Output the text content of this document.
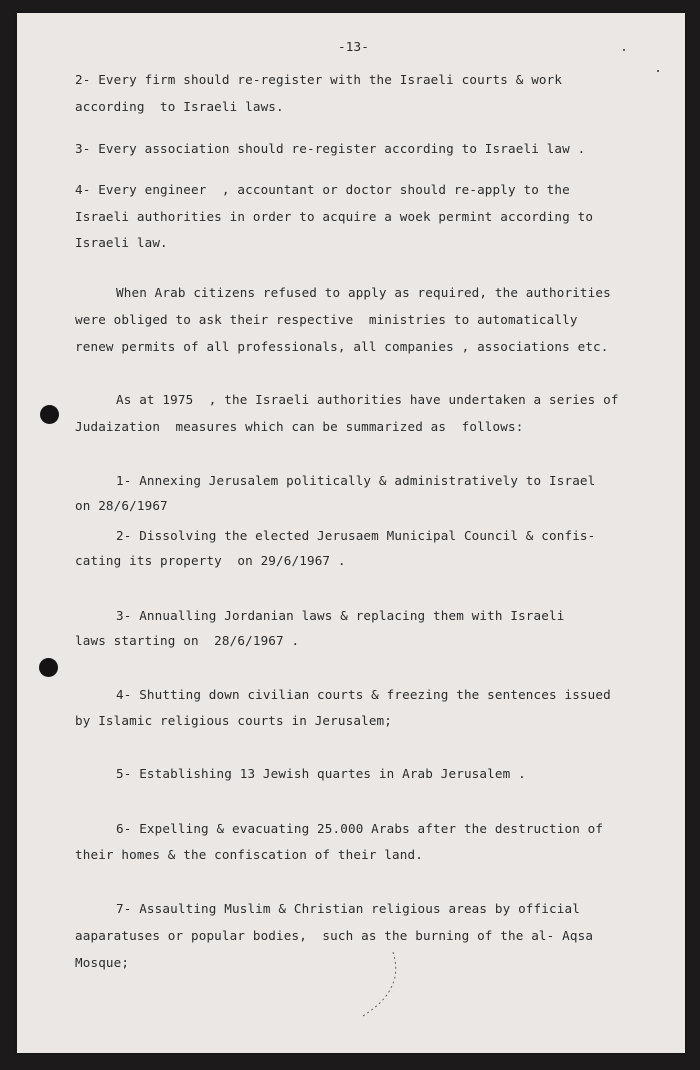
-13-
2- Every firm should re-register with the Israeli courts & work
according  to Israeli laws.
3- Every association should re-register according to Israeli law .
4- Every engineer  , accountant or doctor should re-apply to the
Israeli authorities in order to acquire a woek permint according to
Israeli law.
When Arab citizens refused to apply as required, the authorities
were obliged to ask their respective  ministries to automatically
renew permits of all professionals, all companies , associations etc.
As at 1975  , the Israeli authorities have undertaken a series of
Judaization  measures which can be summarized as  follows:
1- Annexing Jerusalem politically & administratively to Israel
on 28/6/1967
2- Dissolving the elected Jerusaem Municipal Council & confis-
cating its property  on 29/6/1967 .
3- Annualling Jordanian laws & replacing them with Israeli
laws starting on  28/6/1967 .
4- Shutting down civilian courts & freezing the sentences issued
by Islamic religious courts in Jerusalem;
5- Establishing 13 Jewish quartes in Arab Jerusalem .
6- Expelling & evacuating 25.000 Arabs after the destruction of
their homes & the confiscation of their land.
7- Assaulting Muslim & Christian religious areas by official
aaparatuses or popular bodies,  such as the burning of the al- Aqsa
Mosque;
